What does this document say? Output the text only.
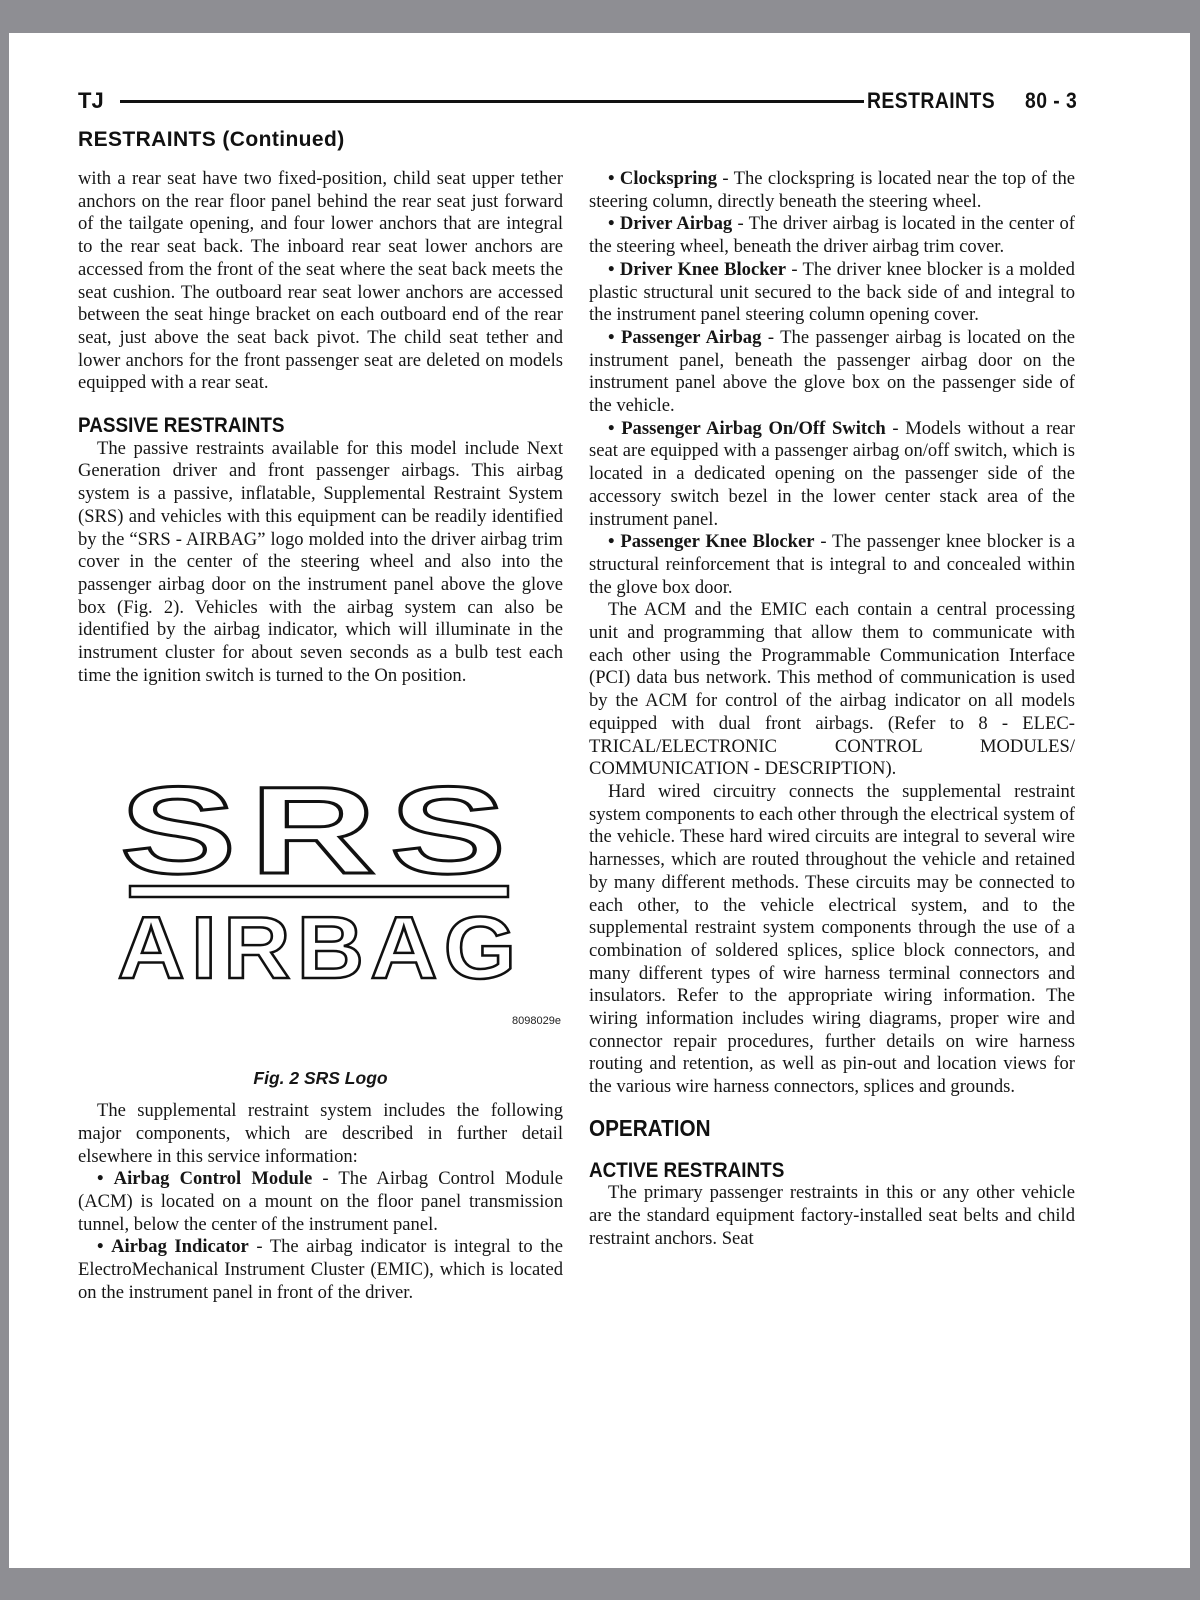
TJ	RESTRAINTS 80 - 3
RESTRAINTS (Continued)

with a rear seat have two fixed-position, child seat upper tether anchors on the rear floor panel behind the rear seat just forward of the tailgate opening, and four lower anchors that are integral to the rear seat back. The inboard rear seat lower anchors are accessed from the front of the seat where the seat back meets the seat cushion. The outboard rear seat lower anchors are accessed between the seat hinge bracket on each outboard end of the rear seat, just above the seat back pivot. The child seat tether and lower anchors for the front passenger seat are deleted on models equipped with a rear seat.

PASSIVE RESTRAINTS

The passive restraints available for this model include Next Generation driver and front passenger airbags. This airbag system is a passive, inflatable, Supplemental Restraint System (SRS) and vehicles with this equipment can be readily identified by the “SRS - AIRBAG” logo molded into the driver airbag trim cover in the center of the steering wheel and also into the passenger airbag door on the instrument panel above the glove box (Fig. 2). Vehicles with the airbag system can also be identified by the airbag indicator, which will illuminate in the instrument cluster for about seven seconds as a bulb test each time the ignition switch is turned to the On position.

SRS
AIRBAG
8098029e
Fig. 2 SRS Logo

The supplemental restraint system includes the following major components, which are described in further detail elsewhere in this service information:

• Airbag Control Module - The Airbag Control Module (ACM) is located on a mount on the floor panel transmission tunnel, below the center of the instrument panel.

• Airbag Indicator - The airbag indicator is integral to the ElectroMechanical Instrument Cluster (EMIC), which is located on the instrument panel in front of the driver.

• Clockspring - The clockspring is located near the top of the steering column, directly beneath the steering wheel.

• Driver Airbag - The driver airbag is located in the center of the steering wheel, beneath the driver airbag trim cover.

• Driver Knee Blocker - The driver knee blocker is a molded plastic structural unit secured to the back side of and integral to the instrument panel steering column opening cover.

• Passenger Airbag - The passenger airbag is located on the instrument panel, beneath the passenger airbag door on the instrument panel above the glove box on the passenger side of the vehicle.

• Passenger Airbag On/Off Switch - Models without a rear seat are equipped with a passenger airbag on/off switch, which is located in a dedicated opening on the passenger side of the accessory switch bezel in the lower center stack area of the instrument panel.

• Passenger Knee Blocker - The passenger knee blocker is a structural reinforcement that is integral to and concealed within the glove box door.

The ACM and the EMIC each contain a central processing unit and programming that allow them to communicate with each other using the Programmable Communication Interface (PCI) data bus network. This method of communication is used by the ACM for control of the airbag indicator on all models equipped with dual front airbags. (Refer to 8 - ELECTRICAL/ELECTRONIC CONTROL MODULES/ COMMUNICATION - DESCRIPTION).

Hard wired circuitry connects the supplemental restraint system components to each other through the electrical system of the vehicle. These hard wired circuits are integral to several wire harnesses, which are routed throughout the vehicle and retained by many different methods. These circuits may be connected to each other, to the vehicle electrical system, and to the supplemental restraint system components through the use of a combination of soldered splices, splice block connectors, and many different types of wire harness terminal connectors and insulators. Refer to the appropriate wiring information. The wiring information includes wiring diagrams, proper wire and connector repair procedures, further details on wire harness routing and retention, as well as pin-out and location views for the various wire harness connectors, splices and grounds.

OPERATION
ACTIVE RESTRAINTS

The primary passenger restraints in this or any other vehicle are the standard equipment factory-installed seat belts and child restraint anchors. Seat
